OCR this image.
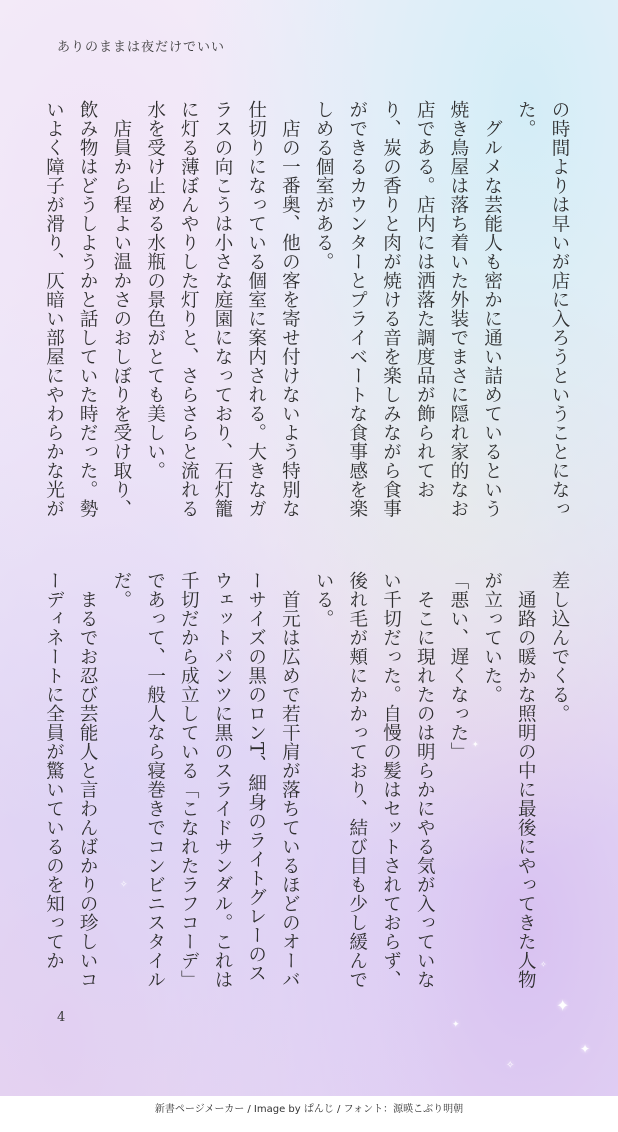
✦
✦
✧
✦
✧
✦
✧
ありのままは夜だけでいい

の時間よりは早いが店に入ろうということになった。

グルメな芸能人も密かに通い詰めているという焼き鳥屋は落ち着いた外装でまさに隠れ家的なお店である。店内には洒落た調度品が飾られており、炭の香りと肉が焼ける音を楽しみながら食事ができるカウンターとプライベートな食事感を楽しめる個室がある。

店の一番奥、他の客を寄せ付けないよう特別な仕切りになっている個室に案内される。大きなガラスの向こうは小さな庭園になっており、石灯籠に灯る薄ぼんやりした灯りと、さらさらと流れる水を受け止める水瓶の景色がとても美しい。

店員から程よい温かさのおしぼりを受け取り、飲み物はどうしようかと話していた時だった。勢いよく障子が滑り、仄暗い部屋にやわらかな光が

差し込んでくる。

通路の暖かな照明の中に最後にやってきた人物が立っていた。

「悪い、遅くなった」

そこに現れたのは明らかにやる気が入っていない千切だった。自慢の髪はセットされておらず、後れ毛が頬にかかっており、結び目も少し緩んでいる。

首元は広めで若干肩が落ちているほどのオーバーサイズの黒のロンT、細身のライトグレーのスウェットパンツに黒のスライドサンダル。これは千切だから成立している「こなれたラフコーデ」であって、一般人なら寝巻きでコンビニスタイルだ。

まるでお忍び芸能人と言わんばかりの珍しいコーディネートに全員が驚いているのを知ってか

4
新書ページメーカー / Image by ぱんじ / フォント：源暎こぶり明朝
